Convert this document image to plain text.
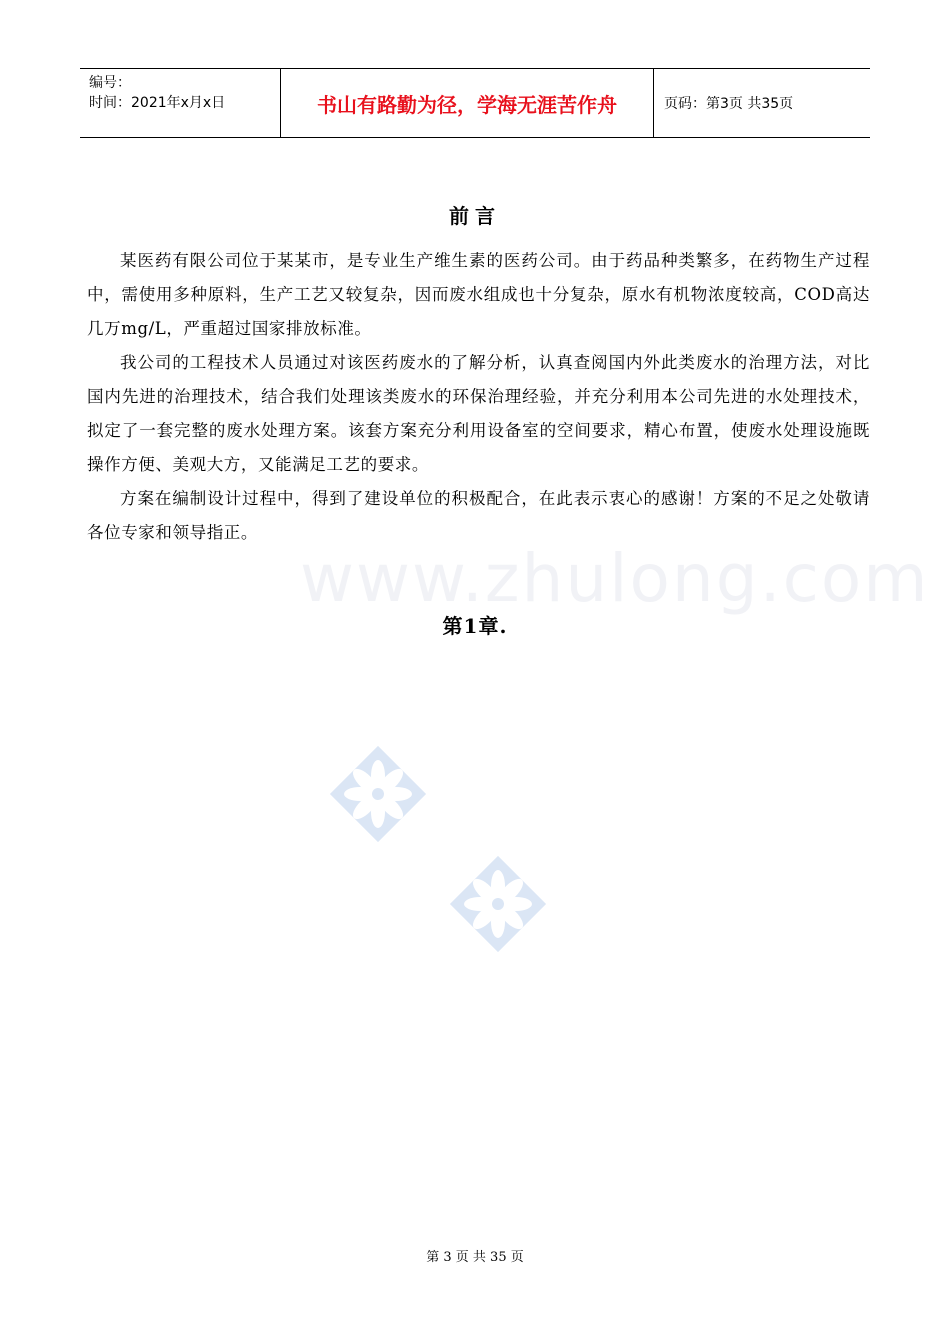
编号：
时间：2021年x月x日	书山有路勤为径，学海无涯苦作舟	页码：第3页 共35页
www.zhulong.com
前言

某医药有限公司位于某某市，是专业生产维生素的医药公司。由于药品种类繁多，在药物生产过程中，需使用多种原料，生产工艺又较复杂，因而废水组成也十分复杂，原水有机物浓度较高，COD高达几万mg/L，严重超过国家排放标准。

我公司的工程技术人员通过对该医药废水的了解分析，认真查阅国内外此类废水的治理方法，对比国内先进的治理技术，结合我们处理该类废水的环保治理经验，并充分利用本公司先进的水处理技术，拟定了一套完整的废水处理方案。该套方案充分利用设备室的空间要求，精心布置，使废水处理设施既操作方便、美观大方，又能满足工艺的要求。

方案在编制设计过程中，得到了建设单位的积极配合，在此表示衷心的感谢！方案的不足之处敬请各位专家和领导指正。

第1章.
第 3 页 共 35 页
